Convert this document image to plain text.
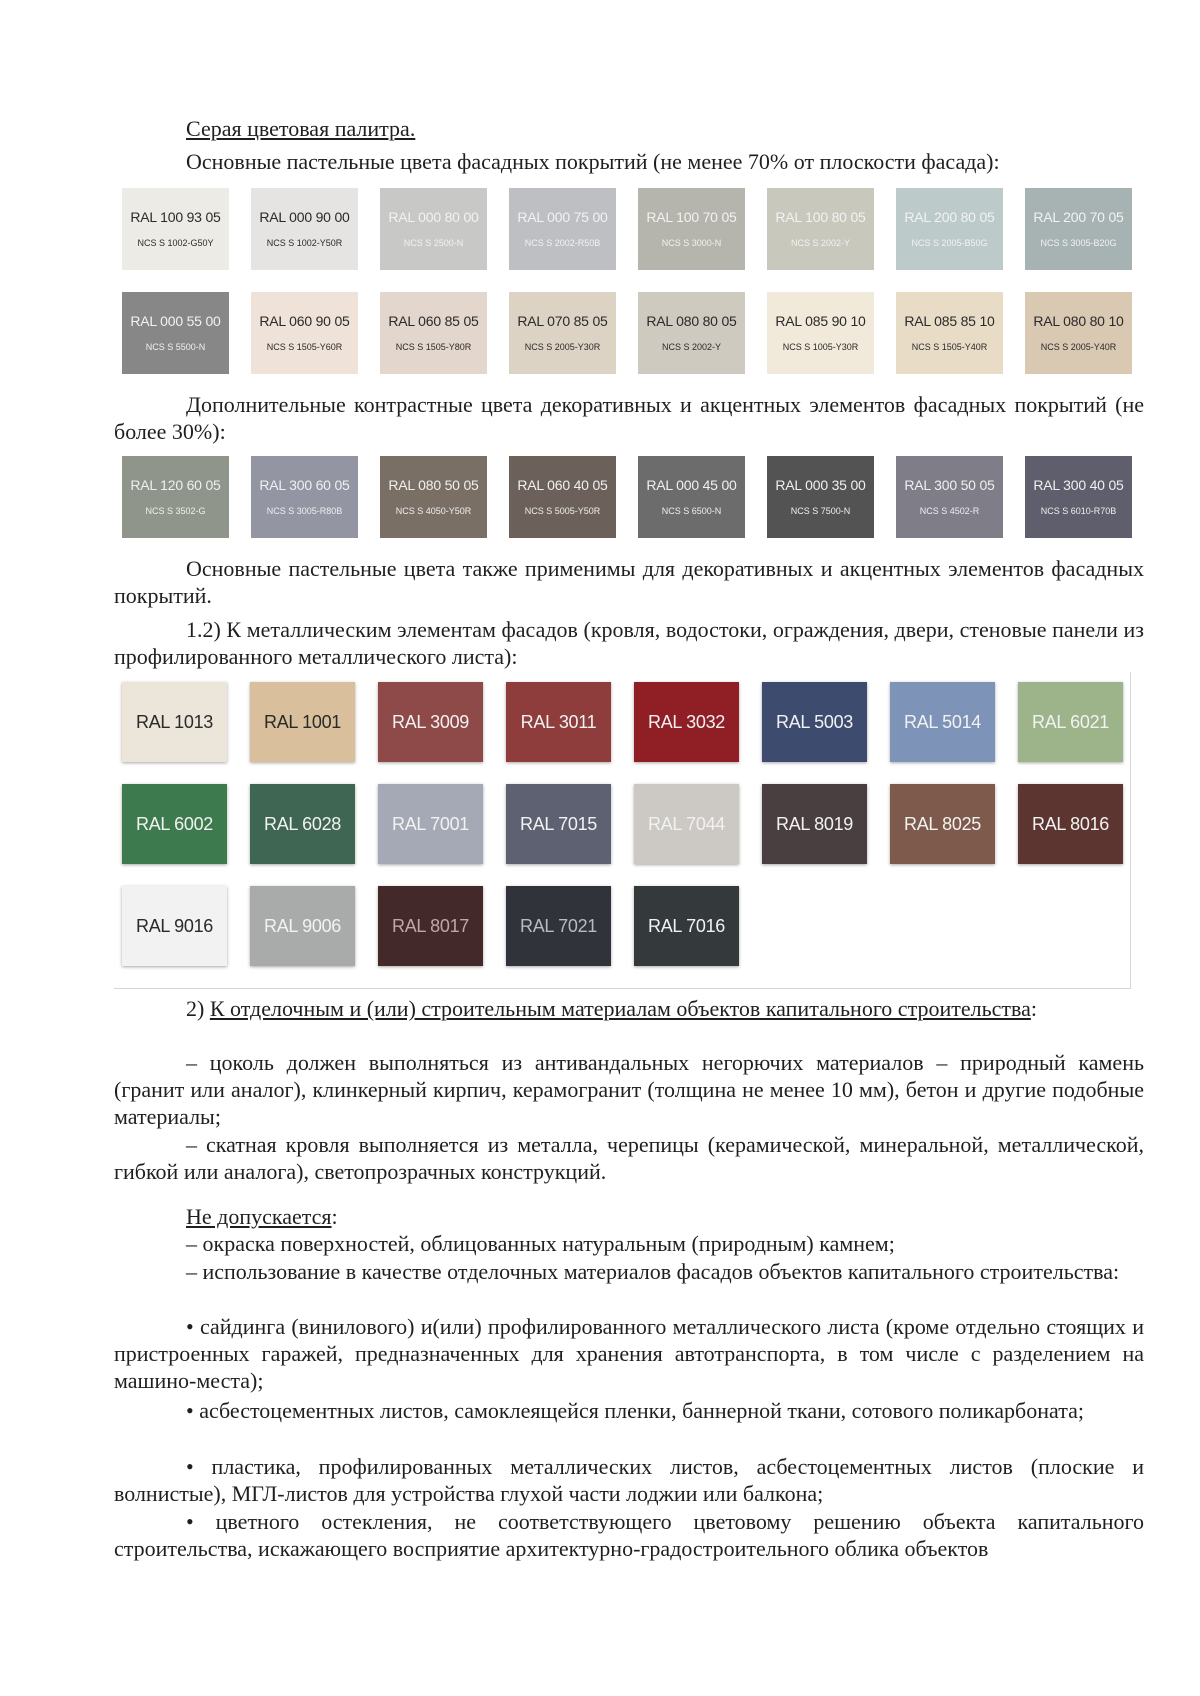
Серая цветовая палитра.

Основные пастельные цвета фасадных покрытий (не менее 70% от плоскости фасада):

RAL 100 93 05
NCS S 1002-G50Y
RAL 000 90 00
NCS S 1002-Y50R
RAL 000 80 00
NCS S 2500-N
RAL 000 75 00
NCS S 2002-R50B
RAL 100 70 05
NCS S 3000-N
RAL 100 80 05
NCS S 2002-Y
RAL 200 80 05
NCS S 2005-B50G
RAL 200 70 05
NCS S 3005-B20G
RAL 000 55 00
NCS S 5500-N
RAL 060 90 05
NCS S 1505-Y60R
RAL 060 85 05
NCS S 1505-Y80R
RAL 070 85 05
NCS S 2005-Y30R
RAL 080 80 05
NCS S 2002-Y
RAL 085 90 10
NCS S 1005-Y30R
RAL 085 85 10
NCS S 1505-Y40R
RAL 080 80 10
NCS S 2005-Y40R

Дополнительные контрастные цвета декоративных и акцентных элементов фасадных покрытий (не более 30%):

RAL 120 60 05
NCS S 3502-G
RAL 300 60 05
NCS S 3005-R80B
RAL 080 50 05
NCS S 4050-Y50R
RAL 060 40 05
NCS S 5005-Y50R
RAL 000 45 00
NCS S 6500-N
RAL 000 35 00
NCS S 7500-N
RAL 300 50 05
NCS S 4502-R
RAL 300 40 05
NCS S 6010-R70B

Основные пастельные цвета также применимы для декоративных и акцентных элементов фасадных покрытий.

1.2) К металлическим элементам фасадов (кровля, водостоки, ограждения, двери, стеновые панели из профилированного металлического листа):

RAL 1013	RAL 1001	RAL 3009	RAL 3011	RAL 3032	RAL 5003	RAL 5014	RAL 6021
RAL 6002	RAL 6028	RAL 7001	RAL 7015	RAL 7044	RAL 8019	RAL 8025	RAL 8016
RAL 9016	RAL 9006	RAL 8017	RAL 7021	RAL 7016

2) К отделочным и (или) строительным материалам объектов капитального строительства:

– цоколь должен выполняться из антивандальных негорючих материалов – природный камень (гранит или аналог), клинкерный кирпич, керамогранит (толщина не менее 10 мм), бетон и другие подобные материалы;

– скатная кровля выполняется из металла, черепицы (керамической, минеральной, металлической, гибкой или аналога), светопрозрачных конструкций.

Не допускается:

– окраска поверхностей, облицованных натуральным (природным) камнем;

– использование в качестве отделочных материалов фасадов объектов капитального строительства:

• сайдинга (винилового) и(или) профилированного металлического листа (кроме отдельно стоящих и пристроенных гаражей, предназначенных для хранения автотранспорта, в том числе с разделением на машино-места);

• асбестоцементных листов, самоклеящейся пленки, баннерной ткани, сотового поликарбоната;

• пластика, профилированных металлических листов, асбестоцементных листов (плоские и волнистые), МГЛ-листов для устройства глухой части лоджии или балкона;

• цветного остекления, не соответствующего цветовому решению объекта капитального строительства, искажающего восприятие архитектурно-градостроительного облика объектов
